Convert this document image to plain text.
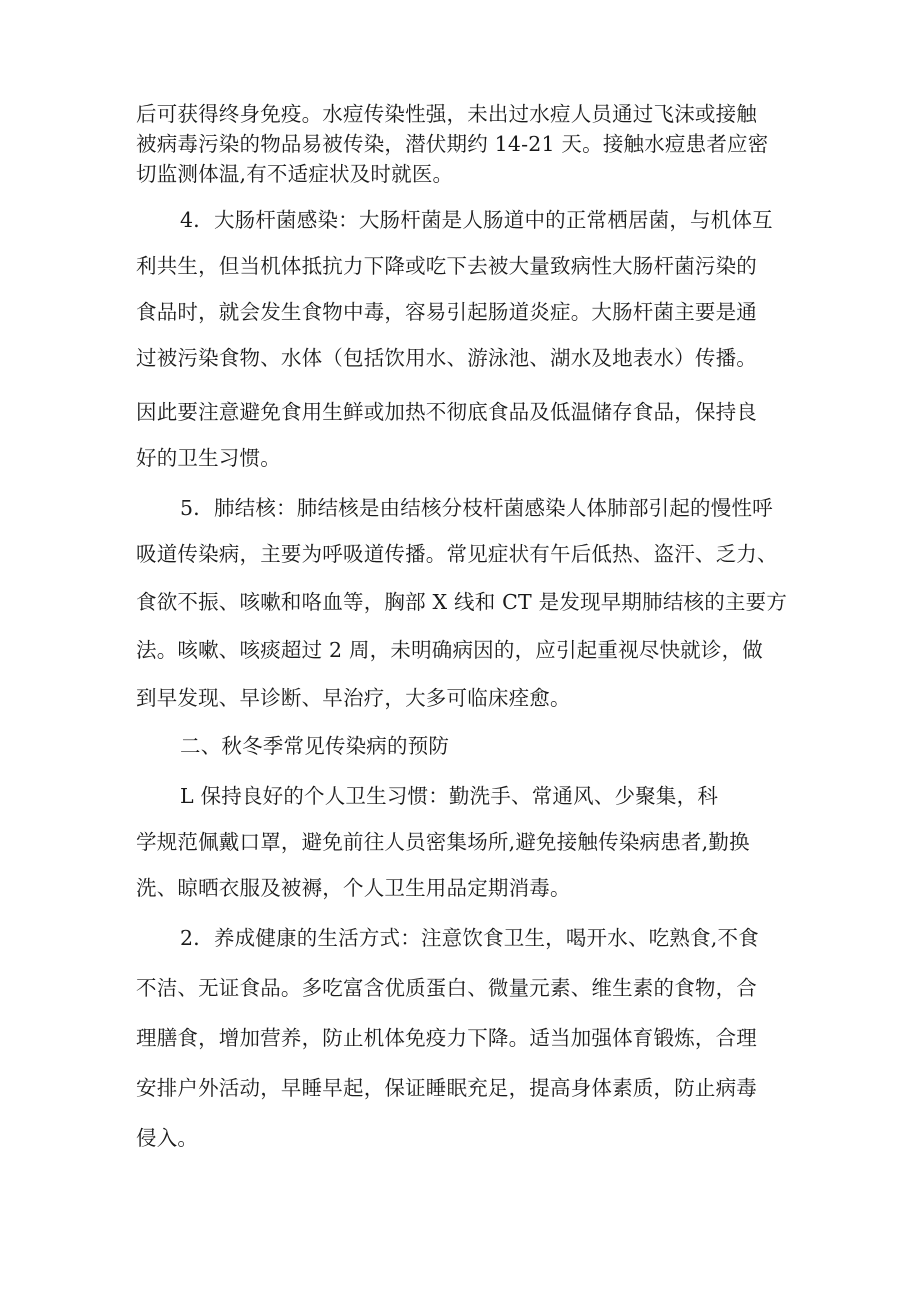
后可获得终身免疫。水痘传染性强，未出过水痘人员通过飞沫或接触
被病毒污染的物品易被传染，潜伏期约 14-21 天。接触水痘患者应密
切监测体温,有不适症状及时就医。
4．大肠杆菌感染：大肠杆菌是人肠道中的正常栖居菌，与机体互
利共生，但当机体抵抗力下降或吃下去被大量致病性大肠杆菌污染的
食品时，就会发生食物中毒，容易引起肠道炎症。大肠杆菌主要是通
过被污染食物、水体（包括饮用水、游泳池、湖水及地表水）传播。
因此要注意避免食用生鲜或加热不彻底食品及低温储存食品，保持良
好的卫生习惯。
5．肺结核：肺结核是由结核分枝杆菌感染人体肺部引起的慢性呼
吸道传染病，主要为呼吸道传播。常见症状有午后低热、盗汗、乏力、
食欲不振、咳嗽和咯血等，胸部 X 线和 CT 是发现早期肺结核的主要方
法。咳嗽、咳痰超过 2 周，未明确病因的，应引起重视尽快就诊，做
到早发现、早诊断、早治疗，大多可临床痊愈。
二、秋冬季常见传染病的预防
L 保持良好的个人卫生习惯：勤洗手、常通风、少聚集，科
学规范佩戴口罩，避免前往人员密集场所,避免接触传染病患者,勤换
洗、晾晒衣服及被褥，个人卫生用品定期消毒。
2．养成健康的生活方式：注意饮食卫生，喝开水、吃熟食,不食
不洁、无证食品。多吃富含优质蛋白、微量元素、维生素的食物，合
理膳食，增加营养，防止机体免疫力下降。适当加强体育锻炼，合理
安排户外活动，早睡早起，保证睡眠充足，提高身体素质，防止病毒
侵入。
